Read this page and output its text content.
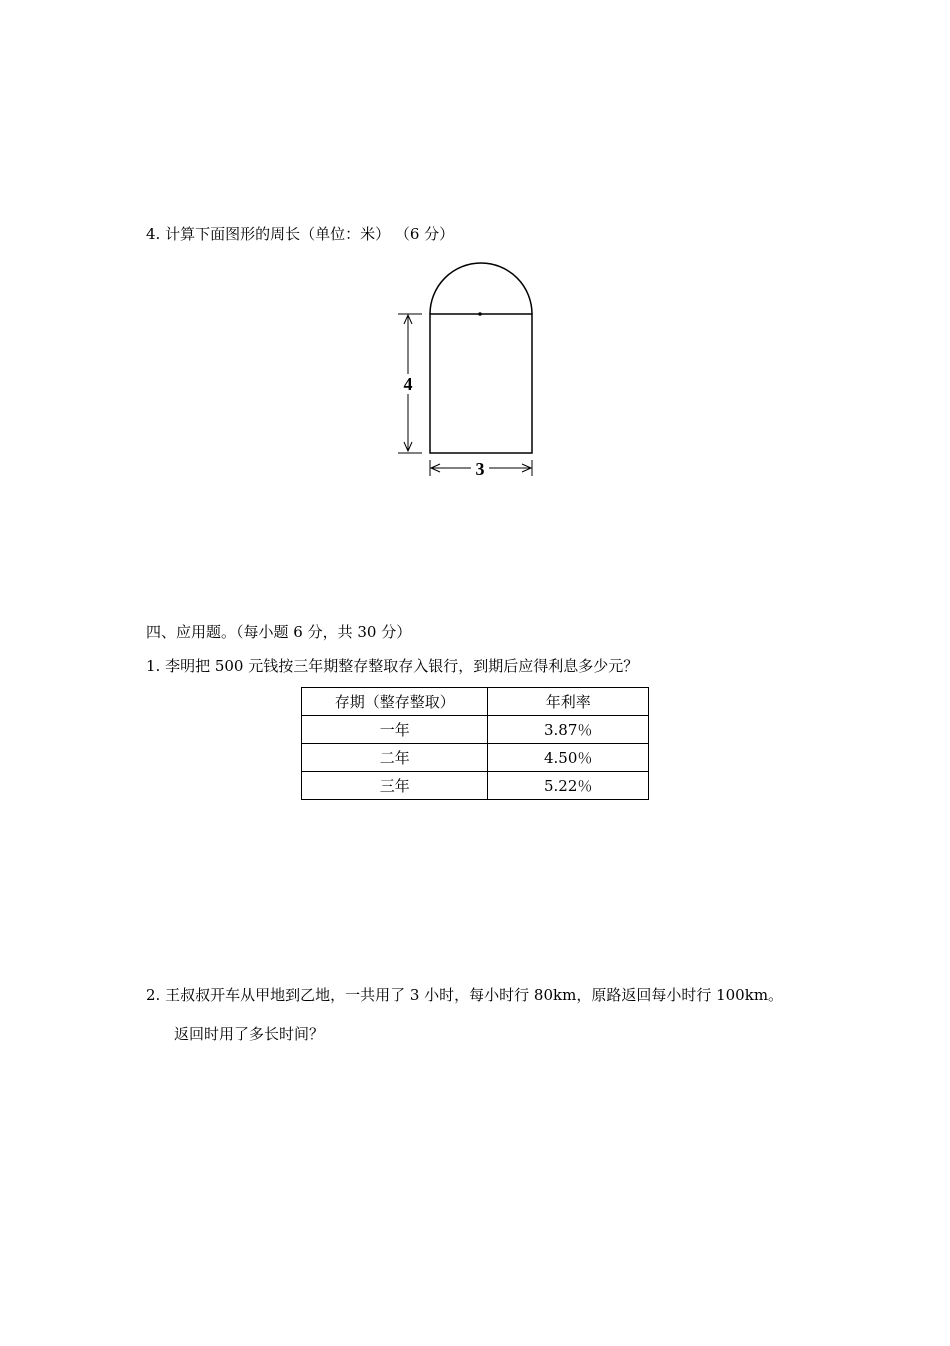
4. 计算下面图形的周长（单位：米） （6 分）
4
3
四、应用题。（每小题 6 分，共 30 分）
1. 李明把 500 元钱按三年期整存整取存入银行，到期后应得利息多少元？
存期（整存整取）	年利率
一年	3.87％
二年	4.50％
三年	5.22％
2. 王叔叔开车从甲地到乙地，一共用了 3 小时，每小时行 80km，原路返回每小时行 100km。
返回时用了多长时间？
